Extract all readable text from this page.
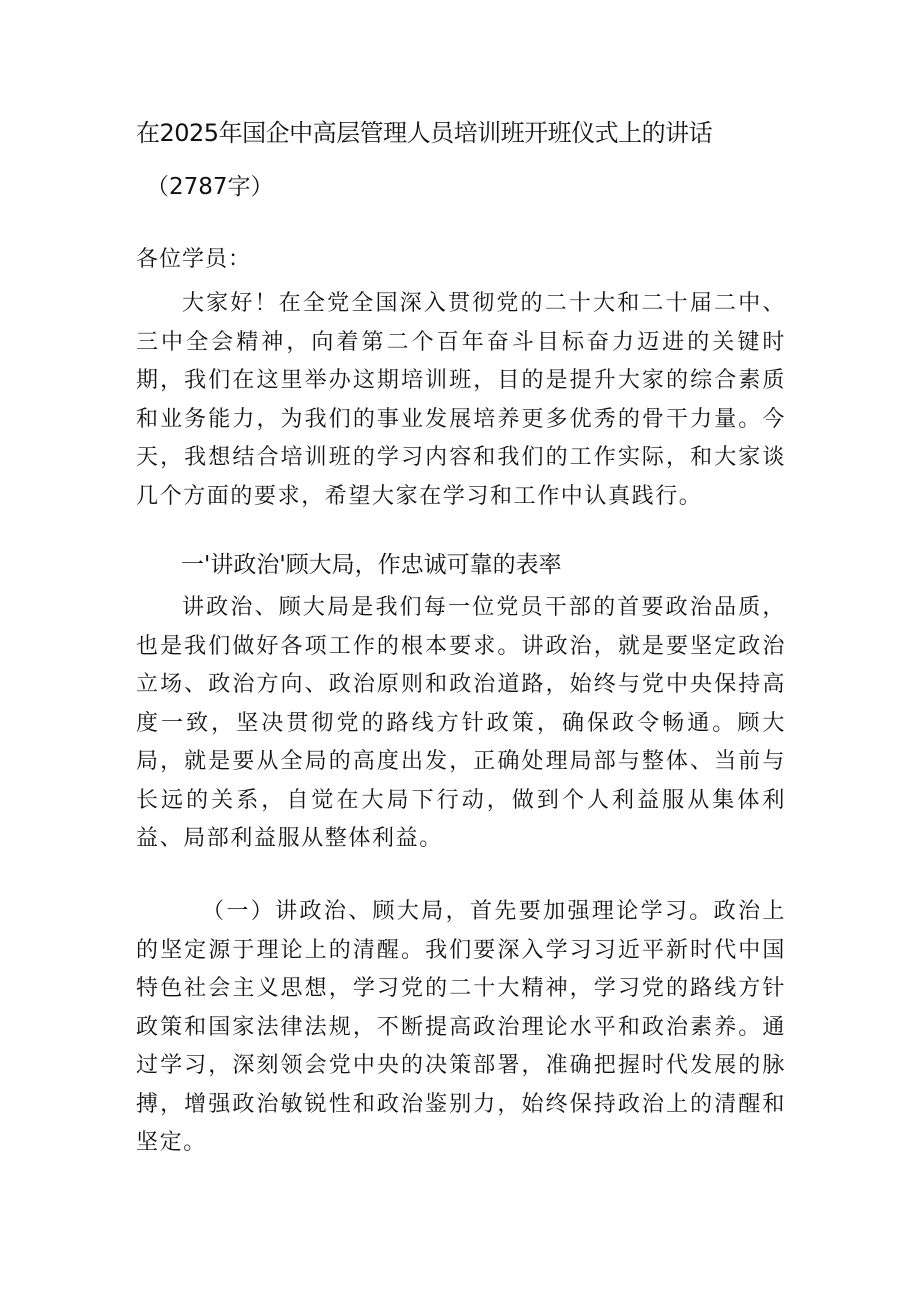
在2025年国企中高层管理人员培训班开班仪式上的讲话
（2787字）
各位学员：

大家好！在全党全国深入贯彻党的二十大和二十届二中、三中全会精神，向着第二个百年奋斗目标奋力迈进的关键时期，我们在这里举办这期培训班，目的是提升大家的综合素质和业务能力，为我们的事业发展培养更多优秀的骨干力量。今天，我想结合培训班的学习内容和我们的工作实际，和大家谈几个方面的要求，希望大家在学习和工作中认真践行。

一'讲政治'顾大局，作忠诚可靠的表率

讲政治、顾大局是我们每一位党员干部的首要政治品质，也是我们做好各项工作的根本要求。讲政治，就是要坚定政治立场、政治方向、政治原则和政治道路，始终与党中央保持高度一致，坚决贯彻党的路线方针政策，确保政令畅通。顾大局，就是要从全局的高度出发，正确处理局部与整体、当前与长远的关系，自觉在大局下行动，做到个人利益服从集体利益、局部利益服从整体利益。

（一）讲政治、顾大局，首先要加强理论学习。政治上的坚定源于理论上的清醒。我们要深入学习习近平新时代中国特色社会主义思想，学习党的二十大精神，学习党的路线方针政策和国家法律法规，不断提高政治理论水平和政治素养。通过学习，深刻领会党中央的决策部署，准确把握时代发展的脉搏，增强政治敏锐性和政治鉴别力，始终保持政治上的清醒和坚定。
